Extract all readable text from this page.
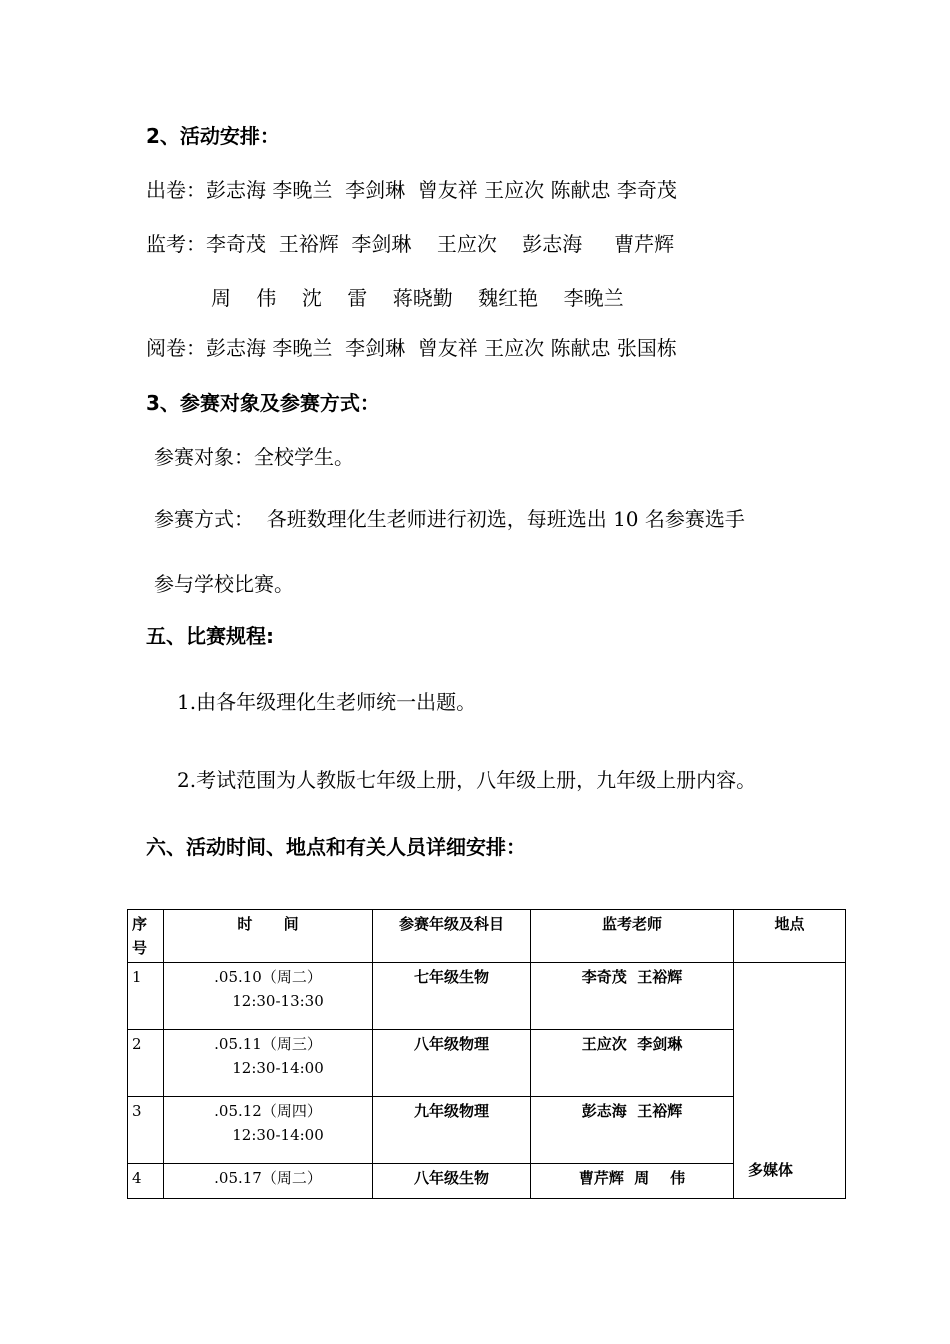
2、活动安排：
出卷：彭志海 李晚兰  李剑琳  曾友祥 王应次 陈献忠 李奇茂
监考：李奇茂  王裕辉  李剑琳    王应次    彭志海     曹芹辉
周    伟    沈    雷    蒋晓勤    魏红艳    李晚兰
阅卷：彭志海 李晚兰  李剑琳  曾友祥 王应次 陈献忠 张国栋
3、参赛对象及参赛方式：
参赛对象：全校学生。
参赛方式：  各班数理化生老师进行初选，每班选出 10 名参赛选手
参与学校比赛。
五、比赛规程:
1.由各年级理化生老师统一出题。
2.考试范围为人教版七年级上册，八年级上册，九年级上册内容。
六、活动时间、地点和有关人员详细安排：
序号	时      间	参赛年级及科目	监考老师	地点
1	.05.10（周二）
12:30-13:30	七年级生物	李奇茂  王裕辉	多媒体
2	.05.11（周三）
12:30-14:00	八年级物理	王应次  李剑琳	
3	.05.12（周四）
12:30-14:00	九年级物理	彭志海  王裕辉	
4	.05.17（周二）	八年级生物	曹芹辉  周    伟	
